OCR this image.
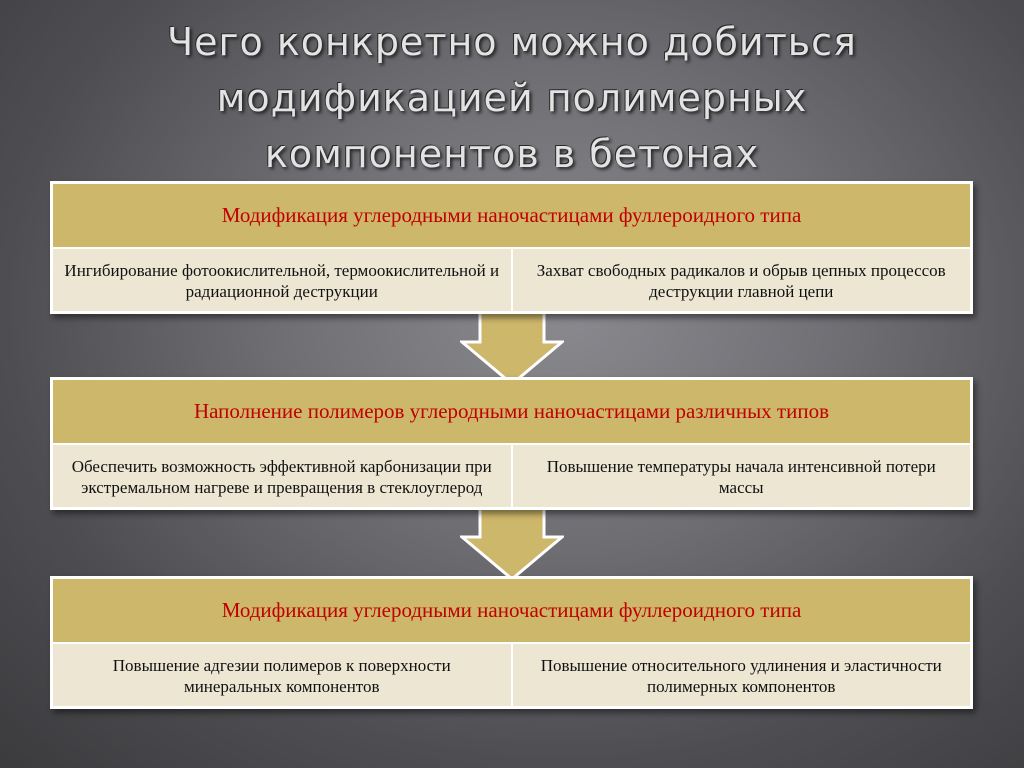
Чего конкретно можно добиться
модификацией полимерных
компонентов в бетонах
Модификация углеродными наночастицами фуллероидного типа
Ингибирование фотоокислительной, термоокислительной и радиационной деструкции
Захват свободных радикалов и обрыв цепных процессов деструкции главной цепи
Наполнение полимеров углеродными наночастицами различных типов
Обеспечить возможность эффективной карбонизации при экстремальном нагреве и превращения в стеклоуглерод
Повышение температуры начала интенсивной потери массы
Модификация углеродными наночастицами фуллероидного типа
Повышение адгезии полимеров к поверхности минеральных компонентов
Повышение относительного удлинения и эластичности полимерных компонентов
